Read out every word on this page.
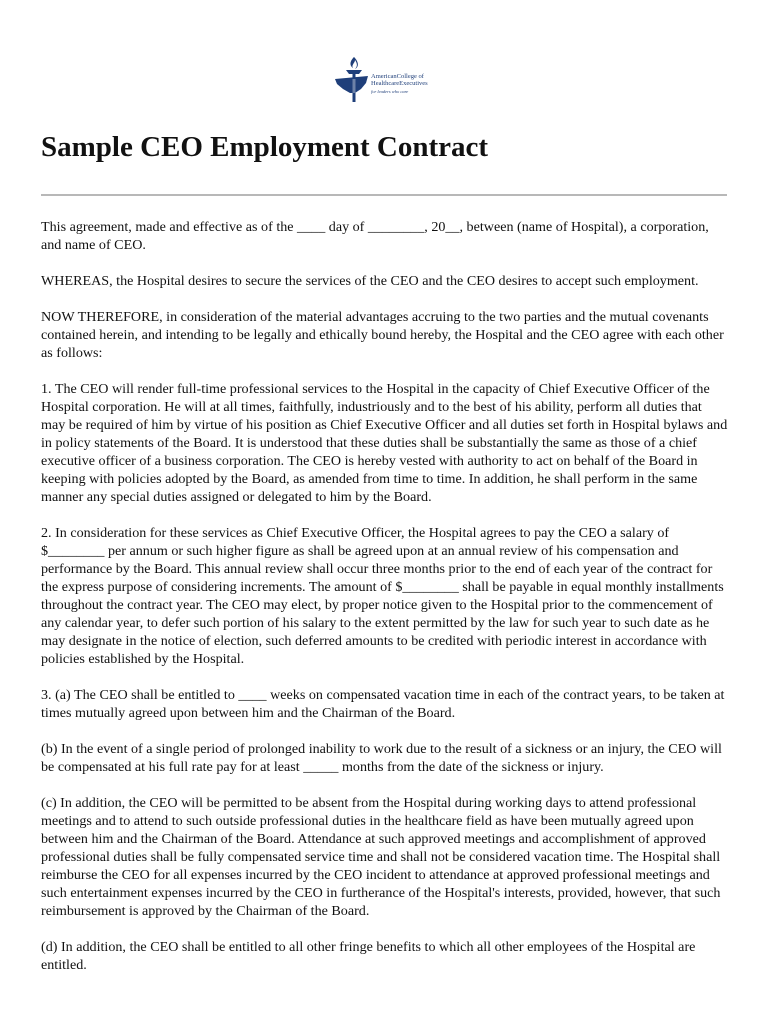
AmericanCollege of
HealthcareExecutives
for leaders who care
Sample CEO Employment Contract

This agreement, made and effective as of the ____ day of ________, 20__, between (name of Hospital), a corporation, and name of CEO.

WHEREAS, the Hospital desires to secure the services of the CEO and the CEO desires to accept such employment.

NOW THEREFORE, in consideration of the material advantages accruing to the two parties and the mutual covenants contained herein, and intending to be legally and ethically bound hereby, the Hospital and the CEO agree with each other as follows:

1. The CEO will render full-time professional services to the Hospital in the capacity of Chief Executive Officer of the Hospital corporation. He will at all times, faithfully, industriously and to the best of his ability, perform all duties that may be required of him by virtue of his position as Chief Executive Officer and all duties set forth in Hospital bylaws and in policy statements of the Board. It is understood that these duties shall be substantially the same as those of a chief executive officer of a business corporation. The CEO is hereby vested with authority to act on behalf of the Board in keeping with policies adopted by the Board, as amended from time to time. In addition, he shall perform in the same manner any special duties assigned or delegated to him by the Board.

2. In consideration for these services as Chief Executive Officer, the Hospital agrees to pay the CEO a salary of $________ per annum or such higher figure as shall be agreed upon at an annual review of his compensation and performance by the Board. This annual review shall occur three months prior to the end of each year of the contract for the express purpose of considering increments. The amount of $________ shall be payable in equal monthly installments throughout the contract year. The CEO may elect, by proper notice given to the Hospital prior to the commencement of any calendar year, to defer such portion of his salary to the extent permitted by the law for such year to such date as he may designate in the notice of election, such deferred amounts to be credited with periodic interest in accordance with policies established by the Hospital.

3. (a) The CEO shall be entitled to ____ weeks on compensated vacation time in each of the contract years, to be taken at times mutually agreed upon between him and the Chairman of the Board.

(b) In the event of a single period of prolonged inability to work due to the result of a sickness or an injury, the CEO will be compensated at his full rate pay for at least _____ months from the date of the sickness or injury.

(c) In addition, the CEO will be permitted to be absent from the Hospital during working days to attend professional meetings and to attend to such outside professional duties in the healthcare field as have been mutually agreed upon between him and the Chairman of the Board. Attendance at such approved meetings and accomplishment of approved professional duties shall be fully compensated service time and shall not be considered vacation time. The Hospital shall reimburse the CEO for all expenses incurred by the CEO incident to attendance at approved professional meetings and such entertainment expenses incurred by the CEO in furtherance of the Hospital's interests, provided, however, that such reimbursement is approved by the Chairman of the Board.

(d) In addition, the CEO shall be entitled to all other fringe benefits to which all other employees of the Hospital are entitled.
